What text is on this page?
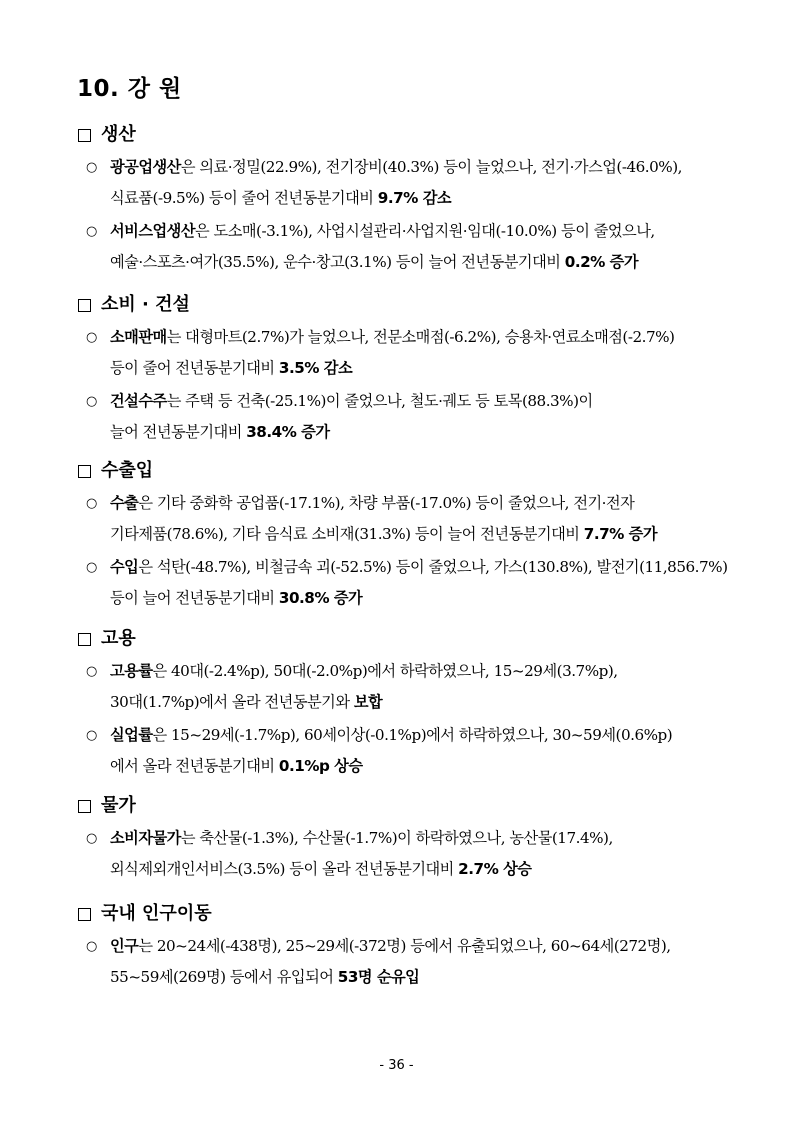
10. 강 원
생산
○ 광공업생산은 의료·정밀(22.9%), 전기장비(40.3%) 등이 늘었으나, 전기·가스업(-46.0%),
식료품(-9.5%) 등이 줄어 전년동분기대비 9.7% 감소
○ 서비스업생산은 도소매(-3.1%), 사업시설관리·사업지원·임대(-10.0%) 등이 줄었으나,
예술·스포츠·여가(35.5%), 운수·창고(3.1%) 등이 늘어 전년동분기대비 0.2% 증가
소비 · 건설
○ 소매판매는 대형마트(2.7%)가 늘었으나, 전문소매점(-6.2%), 승용차·연료소매점(-2.7%)
등이 줄어 전년동분기대비 3.5% 감소
○ 건설수주는 주택 등 건축(-25.1%)이 줄었으나, 철도·궤도 등 토목(88.3%)이
늘어 전년동분기대비 38.4% 증가
수출입
○ 수출은 기타 중화학 공업품(-17.1%), 차량 부품(-17.0%) 등이 줄었으나, 전기·전자
기타제품(78.6%), 기타 음식료 소비재(31.3%) 등이 늘어 전년동분기대비 7.7% 증가
○ 수입은 석탄(-48.7%), 비철금속 괴(-52.5%) 등이 줄었으나, 가스(130.8%), 발전기(11,856.7%)
등이 늘어 전년동분기대비 30.8% 증가
고용
○ 고용률은 40대(-2.4%p), 50대(-2.0%p)에서 하락하였으나, 15~29세(3.7%p),
30대(1.7%p)에서 올라 전년동분기와 보합
○ 실업률은 15~29세(-1.7%p), 60세이상(-0.1%p)에서 하락하였으나, 30~59세(0.6%p)
에서 올라 전년동분기대비 0.1%p 상승
물가
○ 소비자물가는 축산물(-1.3%), 수산물(-1.7%)이 하락하였으나, 농산물(17.4%),
외식제외개인서비스(3.5%) 등이 올라 전년동분기대비 2.7% 상승
국내 인구이동
○ 인구는 20~24세(-438명), 25~29세(-372명) 등에서 유출되었으나, 60~64세(272명),
55~59세(269명) 등에서 유입되어 53명 순유입
- 36 -
